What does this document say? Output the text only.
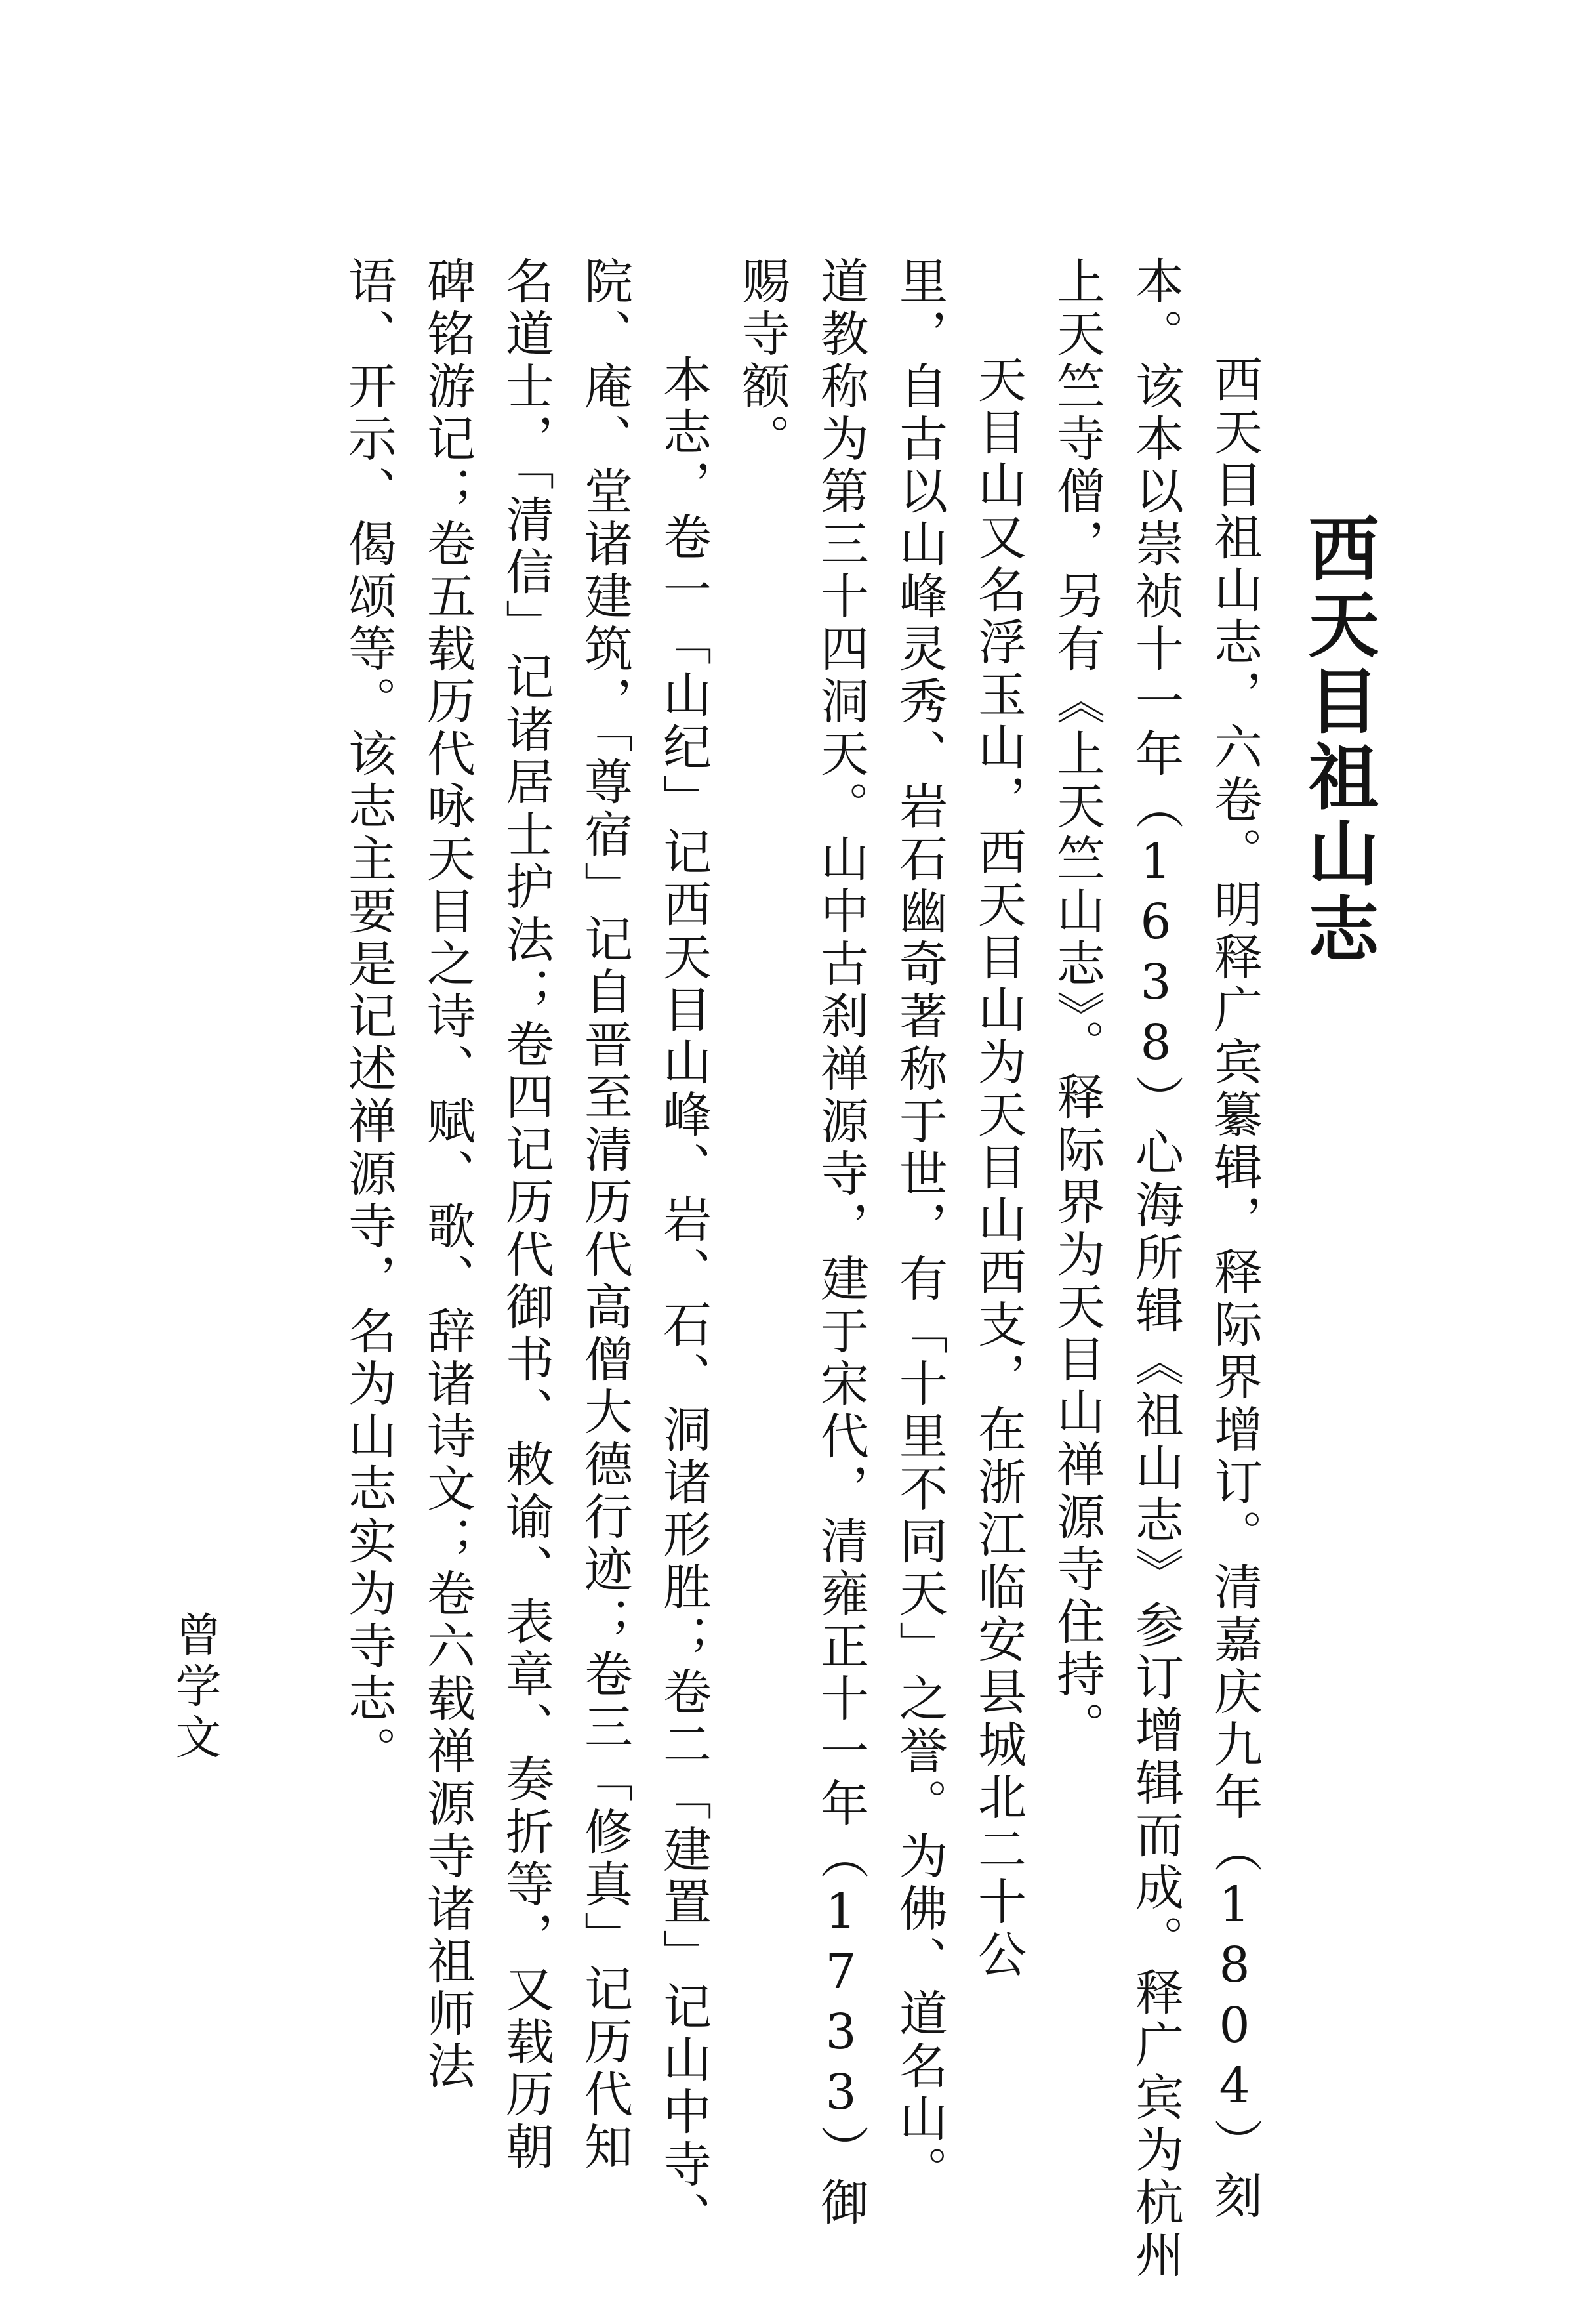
西天目祖山志
西天目祖山志，六卷。明释广宾纂辑，释际界增订。清嘉庆九年（1804）刻
本。该本以崇祯十一年（1638）心海所辑《祖山志》参订增辑而成。释广宾为杭州
上天竺寺僧，另有《上天竺山志》。释际界为天目山禅源寺住持。
天目山又名浮玉山，西天目山为天目山西支，在浙江临安县城北二十公
里，自古以山峰灵秀、岩石幽奇著称于世，有「十里不同天」之誉。为佛、道名山。
道教称为第三十四洞天。山中古刹禅源寺，建于宋代，清雍正十一年（1733）御
赐寺额。
本志，卷一「山纪」记西天目山峰、岩、石、洞诸形胜；卷二「建置」记山中寺、
院、庵、堂诸建筑，「尊宿」记自晋至清历代高僧大德行迹；卷三「修真」记历代知
名道士，「清信」记诸居士护法；卷四记历代御书、敕谕、表章、奏折等，又载历朝
碑铭游记；卷五载历代咏天目之诗、赋、歌、辞诸诗文；卷六载禅源寺诸祖师法
语、开示、偈颂等。该志主要是记述禅源寺，名为山志实为寺志。
曾学文
